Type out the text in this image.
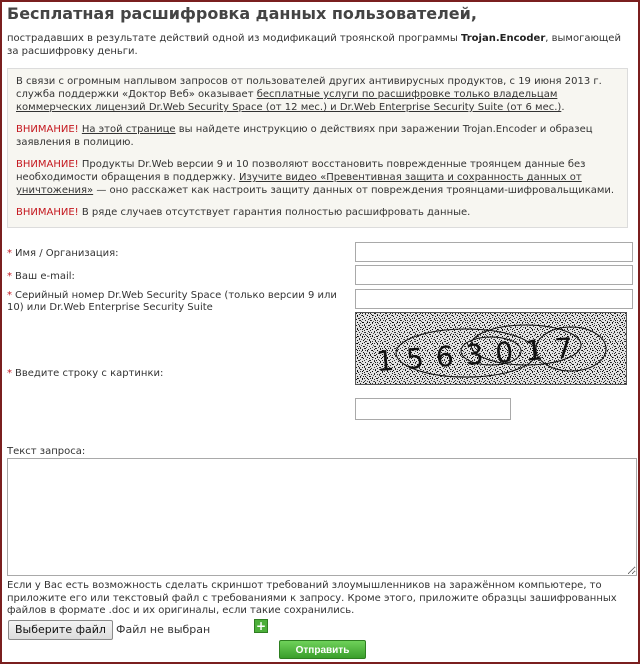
Бесплатная расшифровка данных пользователей,
пострадавших в результате действий одной из модификаций троянской программы Trojan.Encoder, вымогающей за расшифровку деньги.

В связи с огромным наплывом запросов от пользователей других антивирусных продуктов, с 19 июня 2013 г. служба поддержки «Доктор Веб» оказывает бесплатные услуги по расшифровке только владельцам коммерческих лицензий Dr.Web Security Space (от 12 мес.) и Dr.Web Enterprise Security Suite (от 6 мес.).

ВНИМАНИЕ! На этой странице вы найдете инструкцию о действиях при заражении Trojan.Encoder и образец заявления в полицию.

ВНИМАНИЕ! Продукты Dr.Web версии 9 и 10 позволяют восстановить поврежденные троянцем данные без необходимости обращения в поддержку. Изучите видео «Превентивная защита и сохранность данных от уничтожения» — оно расскажет как настроить защиту данных от повреждения троянцами-шифровальщиками.

ВНИМАНИЕ! В ряде случаев отсутствует гарантия полностью расшифровать данные.

* Имя / Организация:
* Ваш e-mail:
* Серийный номер Dr.Web Security Space (только версии 9 или 10) или Dr.Web Enterprise Security Suite
* Введите строку с картинки:	1563017
Текст запроса:
Если у Вас есть возможность сделать скриншот требований злоумышленников на заражённом компьютере, то приложите его или текстовый файл с требованиями к запросу. Кроме этого, приложите образцы зашифрованных файлов в формате .doc и их оригиналы, если такие сохранились.
Выберите файл Файл не выбран	+
Отправить
